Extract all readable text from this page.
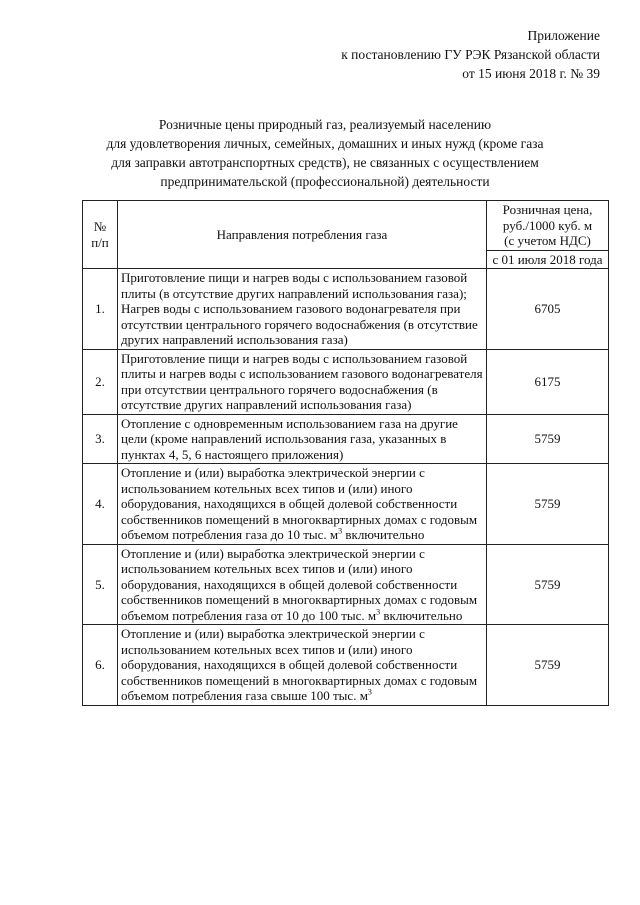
Приложение
к постановлению ГУ РЭК Рязанской области
от 15 июня 2018 г. № 39
Розничные цены природный газ, реализуемый населению
для удовлетворения личных, семейных, домашних и иных нужд (кроме газа
для заправки автотранспортных средств), не связанных с осуществлением
предпринимательской (профессиональной) деятельности
№
п/п	Направления потребления газа	Розничная цена,
руб./1000 куб. м
(с учетом НДС)
		с 01 июля 2018 года
1.	Приготовление пищи и нагрев воды с использованием газовой плиты (в отсутствие других направлений использования газа);
Нагрев воды с использованием газового водонагревателя при отсутствии центрального горячего водоснабжения (в отсутствие других направлений использования газа)	6705
2.	Приготовление пищи и нагрев воды с использованием газовой плиты и нагрев воды с использованием газового водонагревателя при отсутствии центрального горячего водоснабжения (в отсутствие других направлений использования газа)	6175
3.	Отопление с одновременным использованием газа на другие цели (кроме направлений использования газа, указанных в пунктах 4, 5, 6 настоящего приложения)	5759
4.	Отопление и (или) выработка электрической энергии с использованием котельных всех типов и (или) иного оборудования, находящихся в общей долевой собственности собственников помещений в многоквартирных домах с годовым объемом потребления газа до 10 тыс. $м^3$ включительно	5759
5.	Отопление и (или) выработка электрической энергии с использованием котельных всех типов и (или) иного оборудования, находящихся в общей долевой собственности собственников помещений в многоквартирных домах с годовым объемом потребления газа от 10 до 100 тыс. $м^3$ включительно	5759
6.	Отопление и (или) выработка электрической энергии с использованием котельных всех типов и (или) иного оборудования, находящихся в общей долевой собственности собственников помещений в многоквартирных домах с годовым объемом потребления газа свыше 100 тыс. $м^3$	5759
